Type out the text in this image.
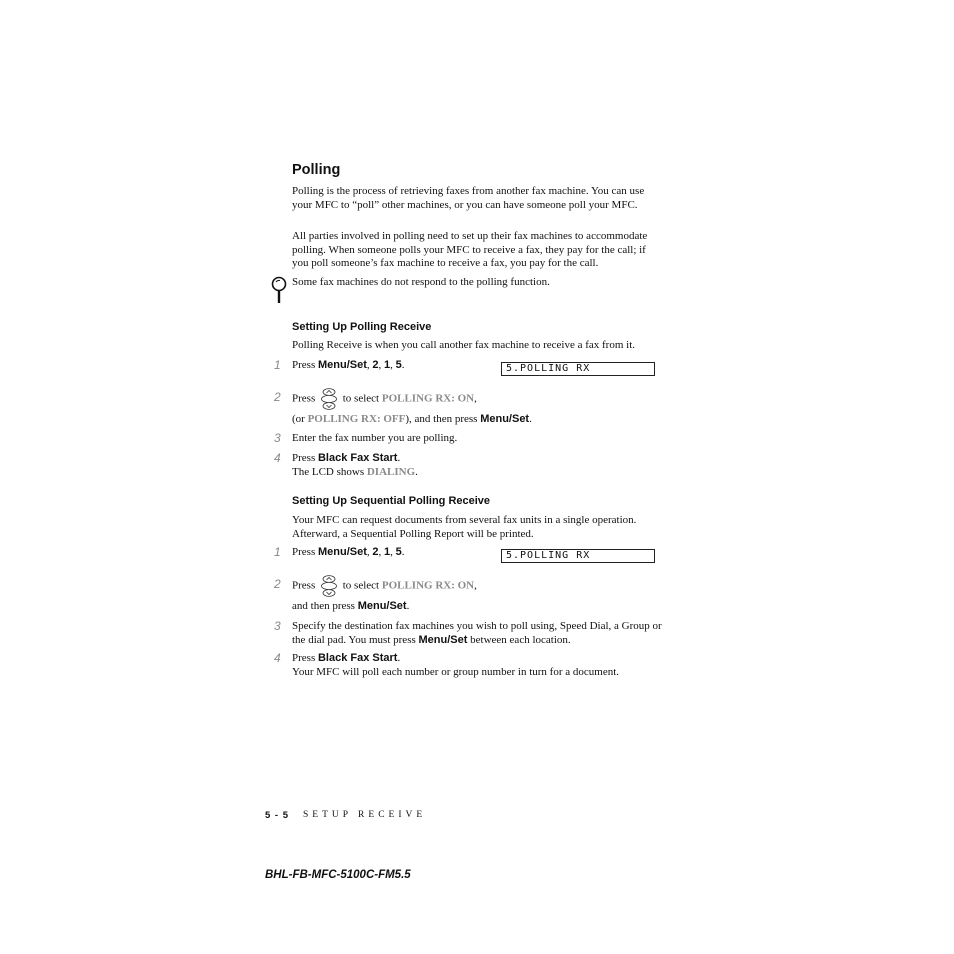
Polling
Polling is the process of retrieving faxes from another fax machine. You can use your MFC to “poll” other machines, or you can have someone poll your MFC.
All parties involved in polling need to set up their fax machines to accommodate polling. When someone polls your MFC to receive a fax, they pay for the call; if you poll someone’s fax machine to receive a fax, you pay for the call.
Some fax machines do not respond to the polling function.
Setting Up Polling Receive
Polling Receive is when you call another fax machine to receive a fax from it.
1 Press Menu/Set, 2, 1, 5.	5.POLLING RX
2 Press	to select POLLING RX: ON,
(or POLLING RX: OFF), and then press Menu/Set.
3 Enter the fax number you are polling.
4 Press Black Fax Start.
The LCD shows DIALING.
Setting Up Sequential Polling Receive
Your MFC can request documents from several fax units in a single operation. Afterward, a Sequential Polling Report will be printed.
1 Press Menu/Set, 2, 1, 5.	5.POLLING RX
2 Press	to select POLLING RX: ON,
and then press Menu/Set.
3 Specify the destination fax machines you wish to poll using, Speed Dial, a Group or the dial pad. You must press Menu/Set between each location.
4 Press Black Fax Start.
Your MFC will poll each number or group number in turn for a document.
5 - 5 SETUP RECEIVE
BHL-FB-MFC-5100C-FM5.5
